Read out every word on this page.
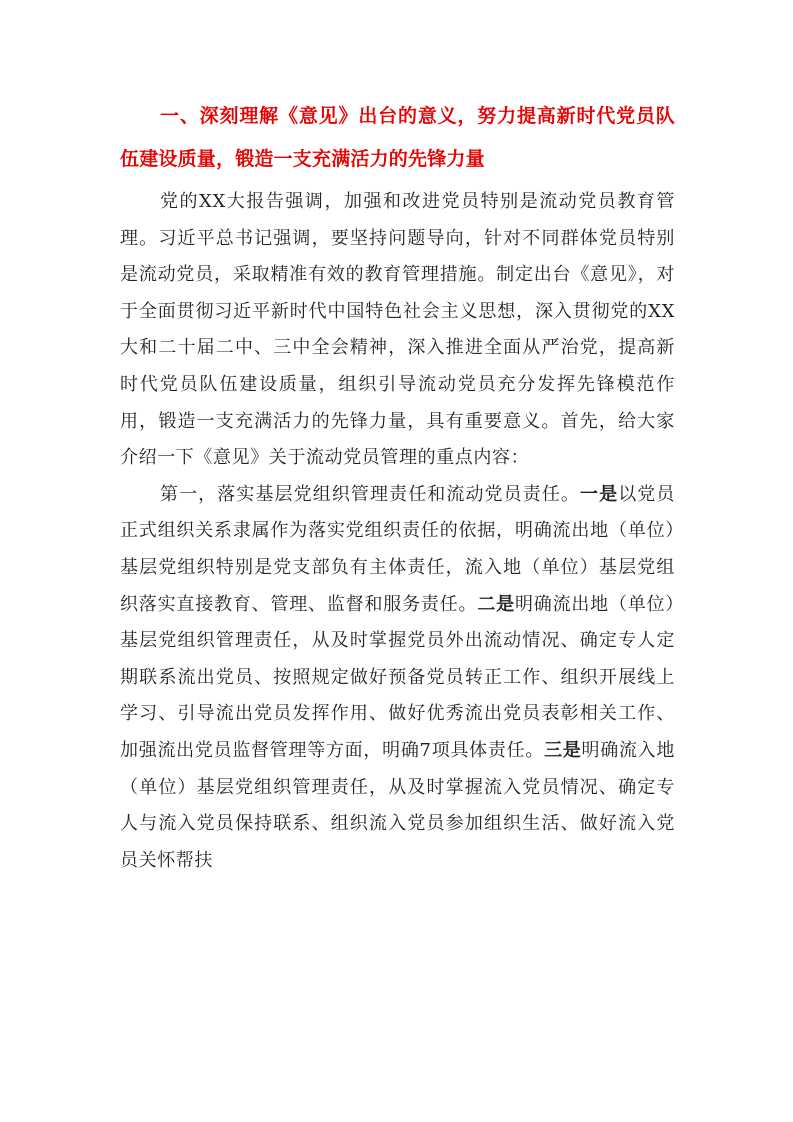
一、深刻理解《意见》出台的意义，努力提高新时代党员队伍建设质量，锻造一支充满活力的先锋力量

党的XX大报告强调，加强和改进党员特别是流动党员教育管理。习近平总书记强调，要坚持问题导向，针对不同群体党员特别是流动党员，采取精准有效的教育管理措施。制定出台《意见》，对于全面贯彻习近平新时代中国特色社会主义思想，深入贯彻党的XX大和二十届二中、三中全会精神，深入推进全面从严治党，提高新时代党员队伍建设质量，组织引导流动党员充分发挥先锋模范作用，锻造一支充满活力的先锋力量，具有重要意义。首先，给大家介绍一下《意见》关于流动党员管理的重点内容：

第一，落实基层党组织管理责任和流动党员责任。一是以党员正式组织关系隶属作为落实党组织责任的依据，明确流出地（单位）基层党组织特别是党支部负有主体责任，流入地（单位）基层党组织落实直接教育、管理、监督和服务责任。二是明确流出地（单位）基层党组织管理责任，从及时掌握党员外出流动情况、确定专人定期联系流出党员、按照规定做好预备党员转正工作、组织开展线上学习、引导流出党员发挥作用、做好优秀流出党员表彰相关工作、加强流出党员监督管理等方面，明确7项具体责任。三是明确流入地（单位）基层党组织管理责任，从及时掌握流入党员情况、确定专人与流入党员保持联系、组织流入党员参加组织生活、做好流入党员关怀帮扶
